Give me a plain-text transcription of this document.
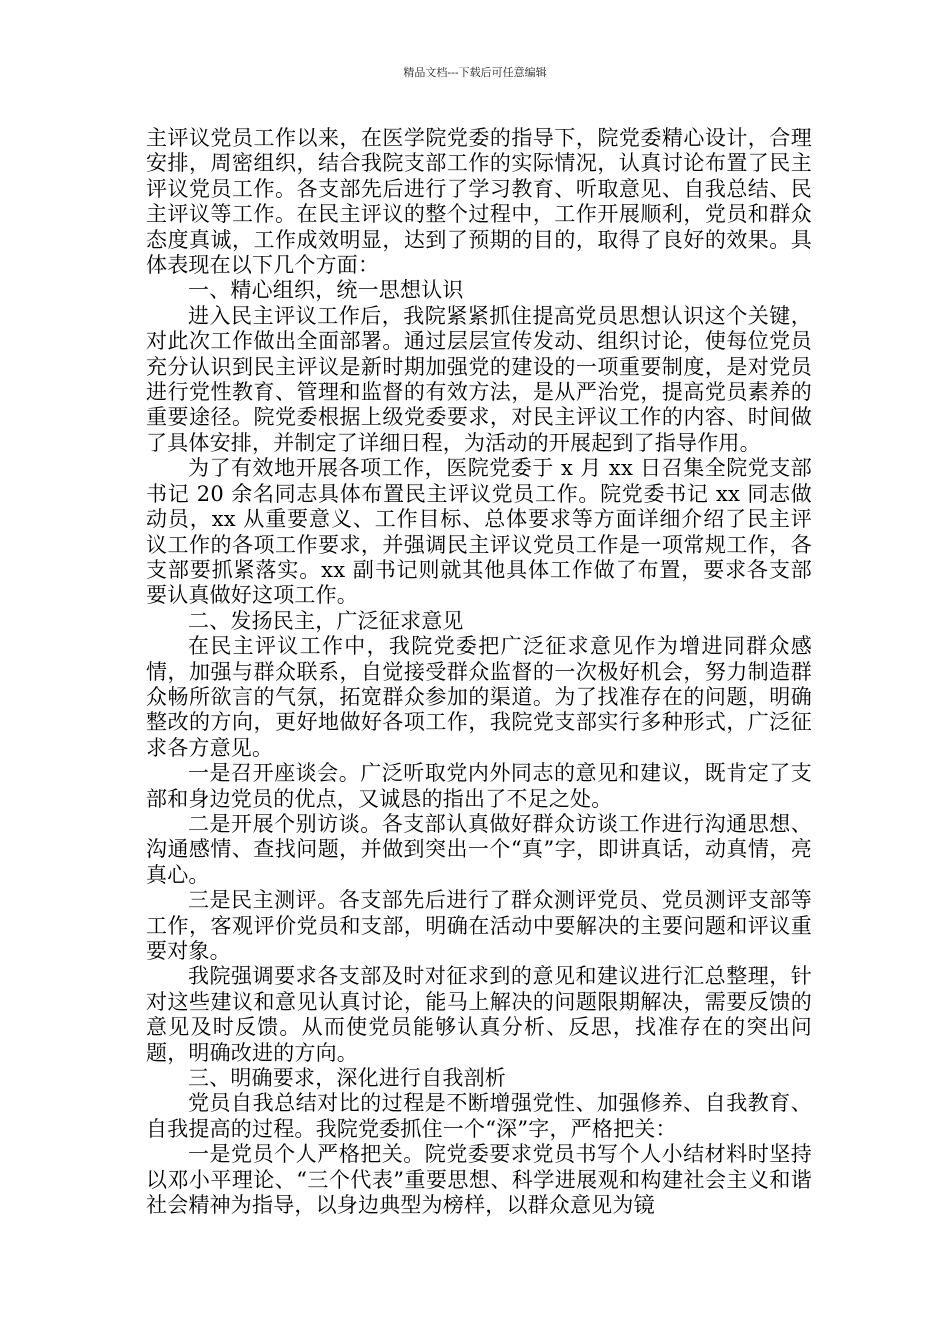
精品文档---下载后可任意编辑

主评议党员工作以来，在医学院党委的指导下，院党委精心设计，合理安排，周密组织，结合我院支部工作的实际情况，认真讨论布置了民主评议党员工作。各支部先后进行了学习教育、听取意见、自我总结、民主评议等工作。在民主评议的整个过程中，工作开展顺利，党员和群众态度真诚，工作成效明显，达到了预期的目的，取得了良好的效果。具体表现在以下几个方面：

一、精心组织，统一思想认识

进入民主评议工作后，我院紧紧抓住提高党员思想认识这个关键，对此次工作做出全面部署。通过层层宣传发动、组织讨论，使每位党员充分认识到民主评议是新时期加强党的建设的一项重要制度，是对党员进行党性教育、管理和监督的有效方法，是从严治党，提高党员素养的重要途径。院党委根据上级党委要求，对民主评议工作的内容、时间做了具体安排，并制定了详细日程，为活动的开展起到了指导作用。

为了有效地开展各项工作，医院党委于 x 月 xx 日召集全院党支部书记 20 余名同志具体布置民主评议党员工作。院党委书记 xx 同志做动员，xx 从重要意义、工作目标、总体要求等方面详细介绍了民主评议工作的各项工作要求，并强调民主评议党员工作是一项常规工作，各支部要抓紧落实。xx 副书记则就其他具体工作做了布置，要求各支部要认真做好这项工作。

二、发扬民主，广泛征求意见

在民主评议工作中，我院党委把广泛征求意见作为增进同群众感情，加强与群众联系，自觉接受群众监督的一次极好机会，努力制造群众畅所欲言的气氛，拓宽群众参加的渠道。为了找准存在的问题，明确整改的方向，更好地做好各项工作，我院党支部实行多种形式，广泛征求各方意见。

一是召开座谈会。广泛听取党内外同志的意见和建议，既肯定了支部和身边党员的优点，又诚恳的指出了不足之处。

二是开展个别访谈。各支部认真做好群众访谈工作进行沟通思想、沟通感情、查找问题，并做到突出一个“真”字，即讲真话，动真情，亮真心。

三是民主测评。各支部先后进行了群众测评党员、党员测评支部等工作，客观评价党员和支部，明确在活动中要解决的主要问题和评议重要对象。

我院强调要求各支部及时对征求到的意见和建议进行汇总整理，针对这些建议和意见认真讨论，能马上解决的问题限期解决，需要反馈的意见及时反馈。从而使党员能够认真分析、反思，找准存在的突出问题，明确改进的方向。

三、明确要求，深化进行自我剖析

党员自我总结对比的过程是不断增强党性、加强修养、自我教育、自我提高的过程。我院党委抓住一个“深”字，严格把关：

一是党员个人严格把关。院党委要求党员书写个人小结材料时坚持以邓小平理论、“三个代表”重要思想、科学进展观和构建社会主义和谐社会精神为指导，以身边典型为榜样，以群众意见为镜
